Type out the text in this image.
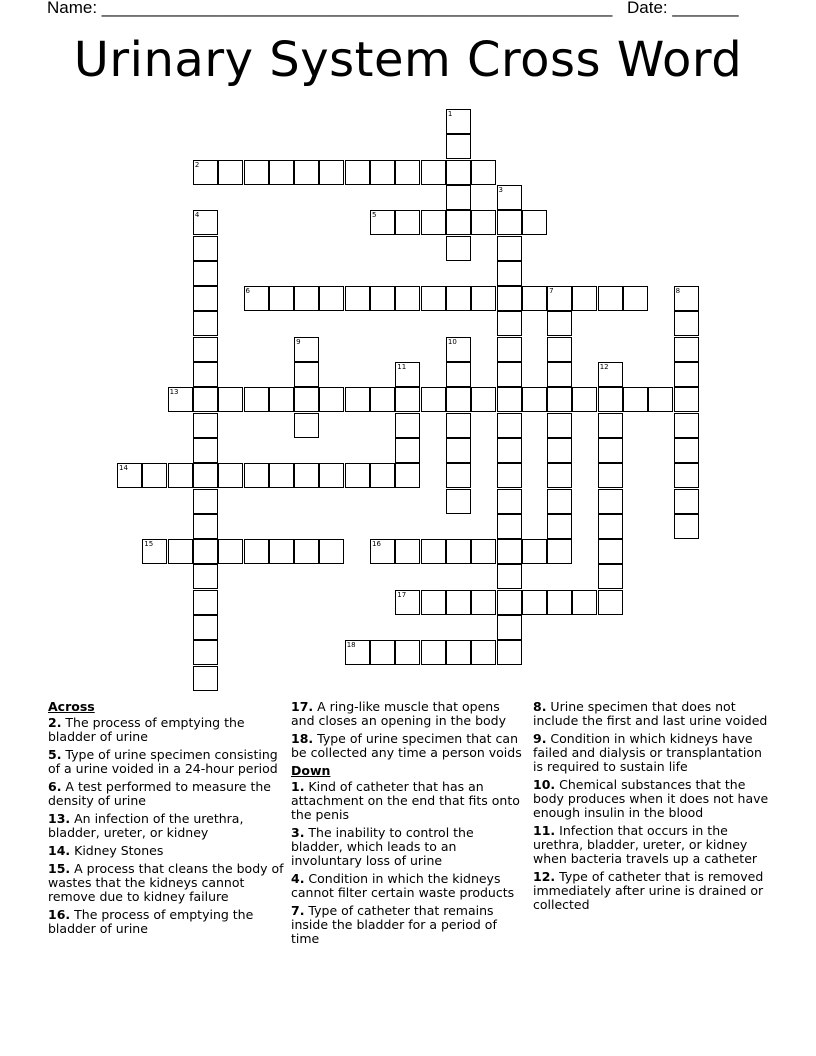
Name: ______________________________________________________ Date: _______
Urinary System Cross Word
1
2
3
4	5
6	7	8
9	10
11	12
13
14
15	16
17
18
Across
2. The process of emptying the bladder of urine
5. Type of urine specimen consisting of a urine voided in a 24-hour period
6. A test performed to measure the density of urine
13. An infection of the urethra, bladder, ureter, or kidney
14. Kidney Stones
15. A process that cleans the body of wastes that the kidneys cannot remove due to kidney failure
16. The process of emptying the bladder of urine
17. A ring-like muscle that opens and closes an opening in the body
18. Type of urine specimen that can be collected any time a person voids
Down
1. Kind of catheter that has an attachment on the end that fits onto the penis
3. The inability to control the bladder, which leads to an involuntary loss of urine
4. Condition in which the kidneys cannot filter certain waste products
7. Type of catheter that remains inside the bladder for a period of time
8. Urine specimen that does not include the first and last urine voided
9. Condition in which kidneys have failed and dialysis or transplantation is required to sustain life
10. Chemical substances that the body produces when it does not have enough insulin in the blood
11. Infection that occurs in the urethra, bladder, ureter, or kidney when bacteria travels up a catheter
12. Type of catheter that is removed immediately after urine is drained or collected
